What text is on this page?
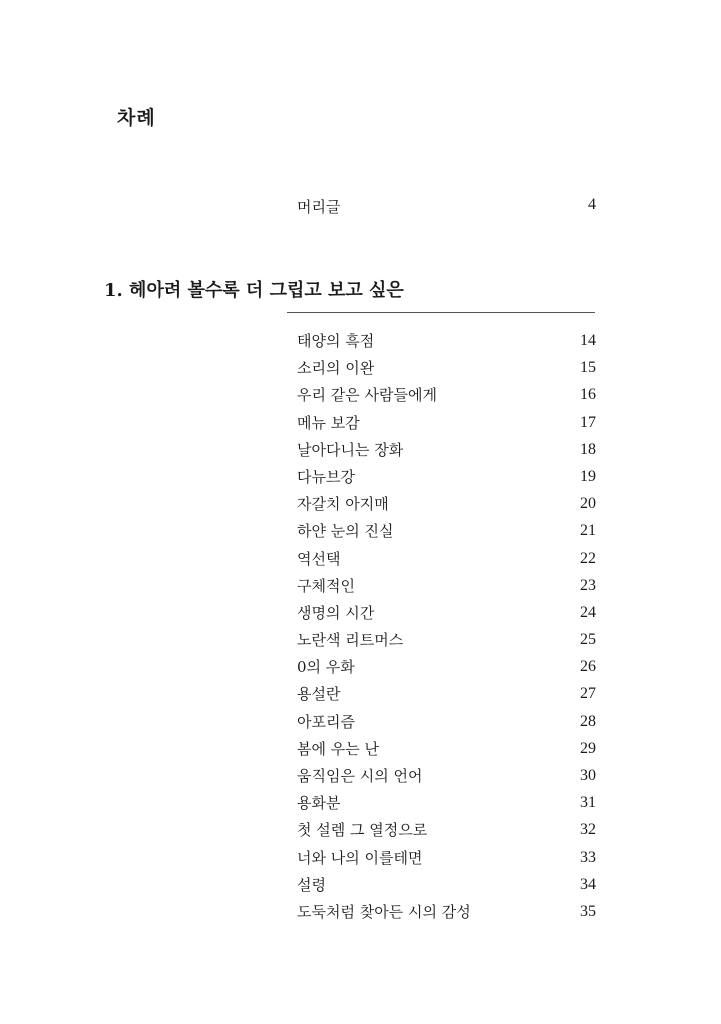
차례
머리글	4
1. 헤아려 볼수록 더 그립고 보고 싶은
태양의 흑점	14
소리의 이완	15
우리 같은 사람들에게	16
메뉴 보감	17
날아다니는 장화	18
다뉴브강	19
자갈치 아지매	20
하얀 눈의 진실	21
역선택	22
구체적인	23
생명의 시간	24
노란색 리트머스	25
0의 우화	26
용설란	27
아포리즘	28
봄에 우는 난	29
움직임은 시의 언어	30
용화분	31
첫 설렘 그 열정으로	32
너와 나의 이를테면	33
설령	34
도둑처럼 찾아든 시의 감성	35
